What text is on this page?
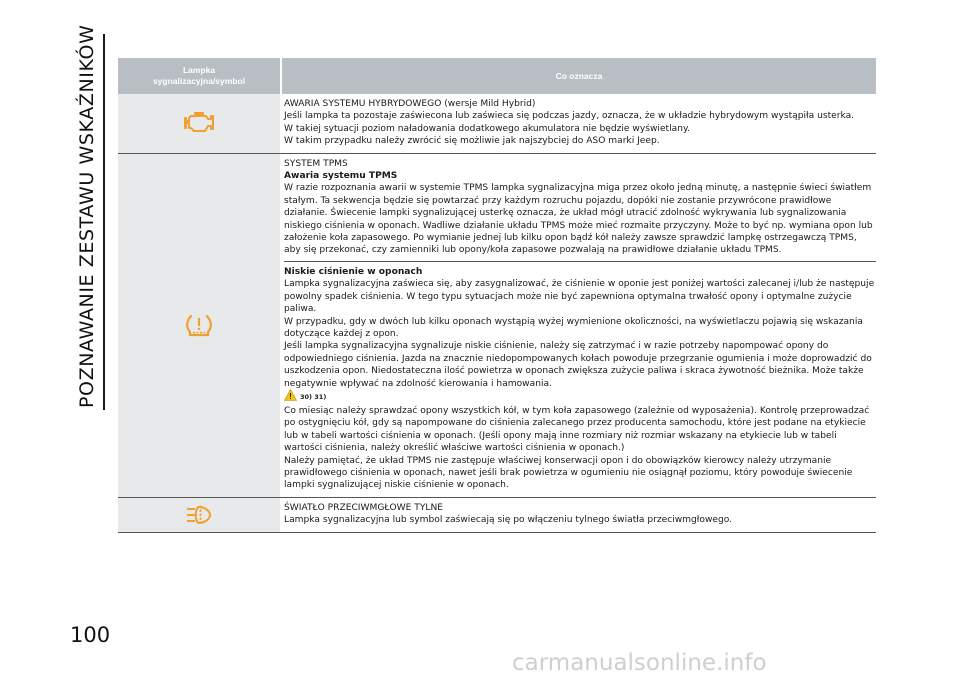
POZNAWANIE ZESTAWU WSKAŹNIKÓW	Lampka
sygnalizacyjna/symbol	Co oznacza

AWARIA SYSTEMU HYBRYDOWEGO (wersje Mild Hybrid)

Jeśli lampka ta pozostaje zaświecona lub zaświeca się podczas jazdy, oznacza, że w układzie hybrydowym wystąpiła usterka.

W takiej sytuacji poziom naładowania dodatkowego akumulatora nie będzie wyświetlany.

W takim przypadku należy zwrócić się możliwie jak najszybciej do ASO marki Jeep.

SYSTEM TPMS

Awaria systemu TPMS

W razie rozpoznania awarii w systemie TPMS lampka sygnalizacyjna miga przez około jedną minutę, a następnie świeci światłem stałym. Ta sekwencja będzie się powtarzać przy każdym rozruchu pojazdu, dopóki nie zostanie przywrócone prawidłowe działanie. Świecenie lampki sygnalizującej usterkę oznacza, że układ mógł utracić zdolność wykrywania lub sygnalizowania niskiego ciśnienia w oponach. Wadliwe działanie układu TPMS może mieć rozmaite przyczyny. Może to być np. wymiana opon lub założenie koła zapasowego. Po wymianie jednej lub kilku opon bądź kół należy zawsze sprawdzić lampkę ostrzegawczą TPMS, aby się przekonać, czy zamienniki lub opony/koła zapasowe pozwalają na prawidłowe działanie układu TPMS.

Niskie ciśnienie w oponach

Lampka sygnalizacyjna zaświeca się, aby zasygnalizować, że ciśnienie w oponie jest poniżej wartości zalecanej i/lub że następuje powolny spadek ciśnienia. W tego typu sytuacjach może nie być zapewniona optymalna trwałość opony i optymalne zużycie paliwa.

W przypadku, gdy w dwóch lub kilku oponach wystąpią wyżej wymienione okoliczności, na wyświetlaczu pojawią się wskazania dotyczące każdej z opon.

Jeśli lampka sygnalizacyjna sygnalizuje niskie ciśnienie, należy się zatrzymać i w razie potrzeby napompować opony do odpowiedniego ciśnienia. Jazda na znacznie niedopompowanych kołach powoduje przegrzanie ogumienia i może doprowadzić do uszkodzenia opon. Niedostateczna ilość powietrza w oponach zwiększa zużycie paliwa i skraca żywotność bieżnika. Może także negatywnie wpływać na zdolność kierowania i hamowania.

30) 31)

Co miesiąc należy sprawdzać opony wszystkich kół, w tym koła zapasowego (zależnie od wyposażenia). Kontrolę przeprowadzać po ostygnięciu kół, gdy są napompowane do ciśnienia zalecanego przez producenta samochodu, które jest podane na etykiecie lub w tabeli wartości ciśnienia w oponach. (Jeśli opony mają inne rozmiary niż rozmiar wskazany na etykiecie lub w tabeli wartości ciśnienia, należy określić właściwe wartości ciśnienia w oponach.)

Należy pamiętać, że układ TPMS nie zastępuje właściwej konserwacji opon i do obowiązków kierowcy należy utrzymanie prawidłowego ciśnienia w oponach, nawet jeśli brak powietrza w ogumieniu nie osiągnął poziomu, który powoduje świecenie lampki sygnalizującej niskie ciśnienie w oponach.

ŚWIATŁO PRZECIWMGŁOWE TYLNE

Lampka sygnalizacyjna lub symbol zaświecają się po włączeniu tylnego światła przeciwmgłowego.

100
carmanualsonline.info
